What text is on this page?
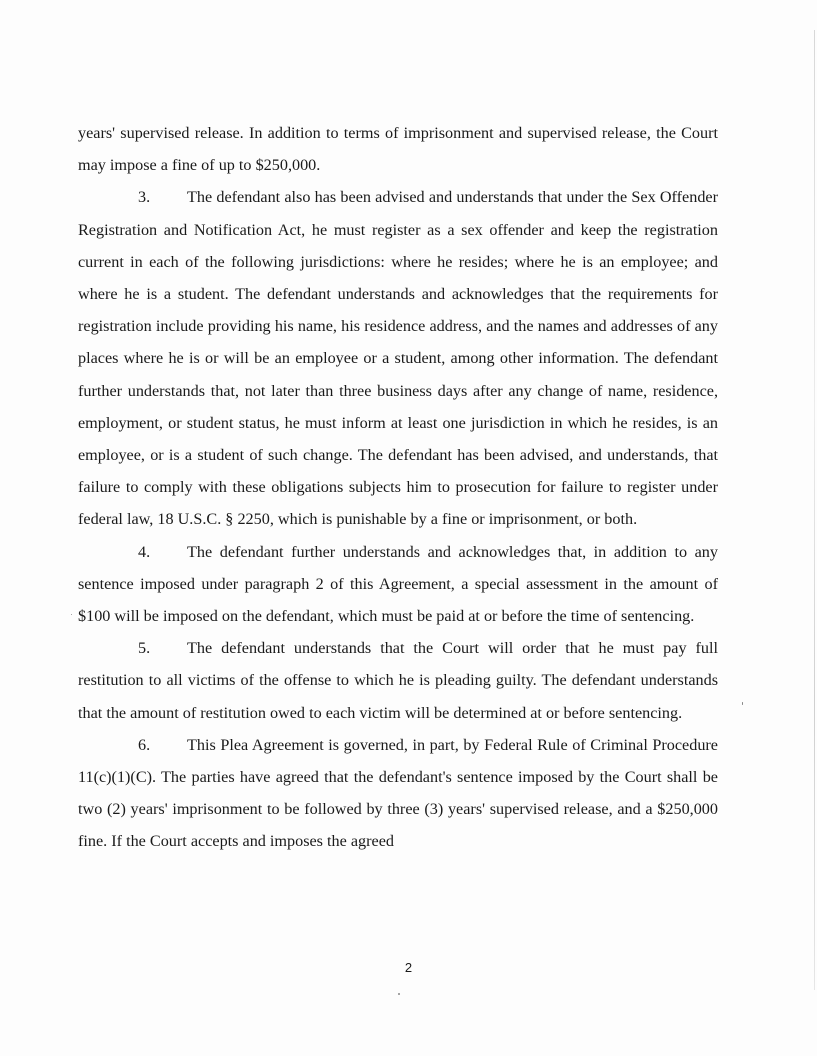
years' supervised release. In addition to terms of imprisonment and supervised release, the Court may impose a fine of up to $250,000.

3. The defendant also has been advised and understands that under the Sex Offender Registration and Notification Act, he must register as a sex offender and keep the registration current in each of the following jurisdictions: where he resides; where he is an employee; and where he is a student. The defendant understands and acknowledges that the requirements for registration include providing his name, his residence address, and the names and addresses of any places where he is or will be an employee or a student, among other information. The defendant further understands that, not later than three business days after any change of name, residence, employment, or student status, he must inform at least one jurisdiction in which he resides, is an employee, or is a student of such change. The defendant has been advised, and understands, that failure to comply with these obligations subjects him to prosecution for failure to register under federal law, 18 U.S.C. § 2250, which is punishable by a fine or imprisonment, or both.

4. The defendant further understands and acknowledges that, in addition to any sentence imposed under paragraph 2 of this Agreement, a special assessment in the amount of $100 will be imposed on the defendant, which must be paid at or before the time of sentencing.

5. The defendant understands that the Court will order that he must pay full restitution to all victims of the offense to which he is pleading guilty. The defendant understands that the amount of restitution owed to each victim will be determined at or before sentencing.

6. This Plea Agreement is governed, in part, by Federal Rule of Criminal Procedure 11(c)(1)(C). The parties have agreed that the defendant's sentence imposed by the Court shall be two (2) years' imprisonment to be followed by three (3) years' supervised release, and a $250,000 fine. If the Court accepts and imposes the agreed

2
